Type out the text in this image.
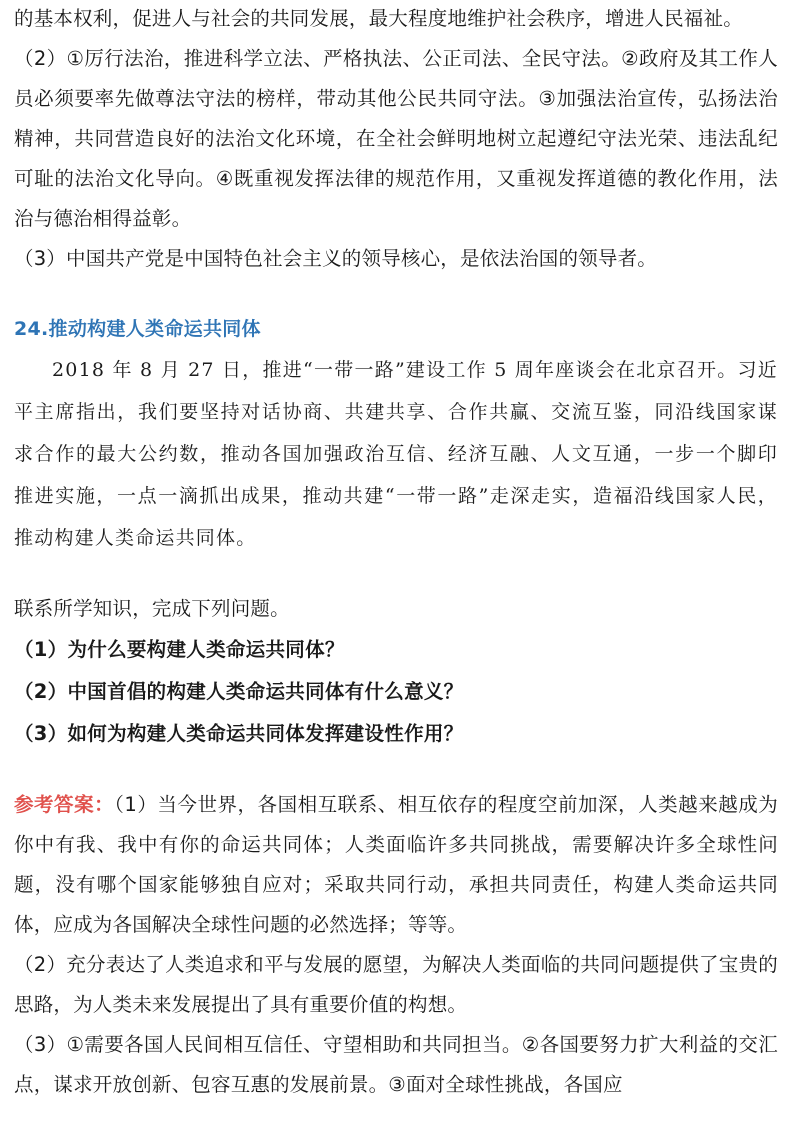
的基本权利，促进人与社会的共同发展，最大程度地维护社会秩序，增进人民福祉。

（2）①厉行法治，推进科学立法、严格执法、公正司法、全民守法。②政府及其工作人员必须要率先做尊法守法的榜样，带动其他公民共同守法。③加强法治宣传，弘扬法治精神，共同营造良好的法治文化环境，在全社会鲜明地树立起遵纪守法光荣、违法乱纪可耻的法治文化导向。④既重视发挥法律的规范作用，又重视发挥道德的教化作用，法治与德治相得益彰。

（3）中国共产党是中国特色社会主义的领导核心，是依法治国的领导者。

24.推动构建人类命运共同体

2018 年 8 月 27 日，推进“一带一路”建设工作 5 周年座谈会在北京召开。习近平主席指出，我们要坚持对话协商、共建共享、合作共赢、交流互鉴，同沿线国家谋求合作的最大公约数，推动各国加强政治互信、经济互融、人文互通，一步一个脚印推进实施，一点一滴抓出成果，推动共建“一带一路”走深走实，造福沿线国家人民，推动构建人类命运共同体。

联系所学知识，完成下列问题。

（1）为什么要构建人类命运共同体？

（2）中国首倡的构建人类命运共同体有什么意义？

（3）如何为构建人类命运共同体发挥建设性作用？

参考答案：（1）当今世界，各国相互联系、相互依存的程度空前加深，人类越来越成为你中有我、我中有你的命运共同体；人类面临许多共同挑战，需要解决许多全球性问题，没有哪个国家能够独自应对；采取共同行动，承担共同责任，构建人类命运共同体，应成为各国解决全球性问题的必然选择；等等。

（2）充分表达了人类追求和平与发展的愿望，为解决人类面临的共同问题提供了宝贵的思路，为人类未来发展提出了具有重要价值的构想。

（3）①需要各国人民间相互信任、守望相助和共同担当。②各国要努力扩大利益的交汇点，谋求开放创新、包容互惠的发展前景。③面对全球性挑战，各国应
